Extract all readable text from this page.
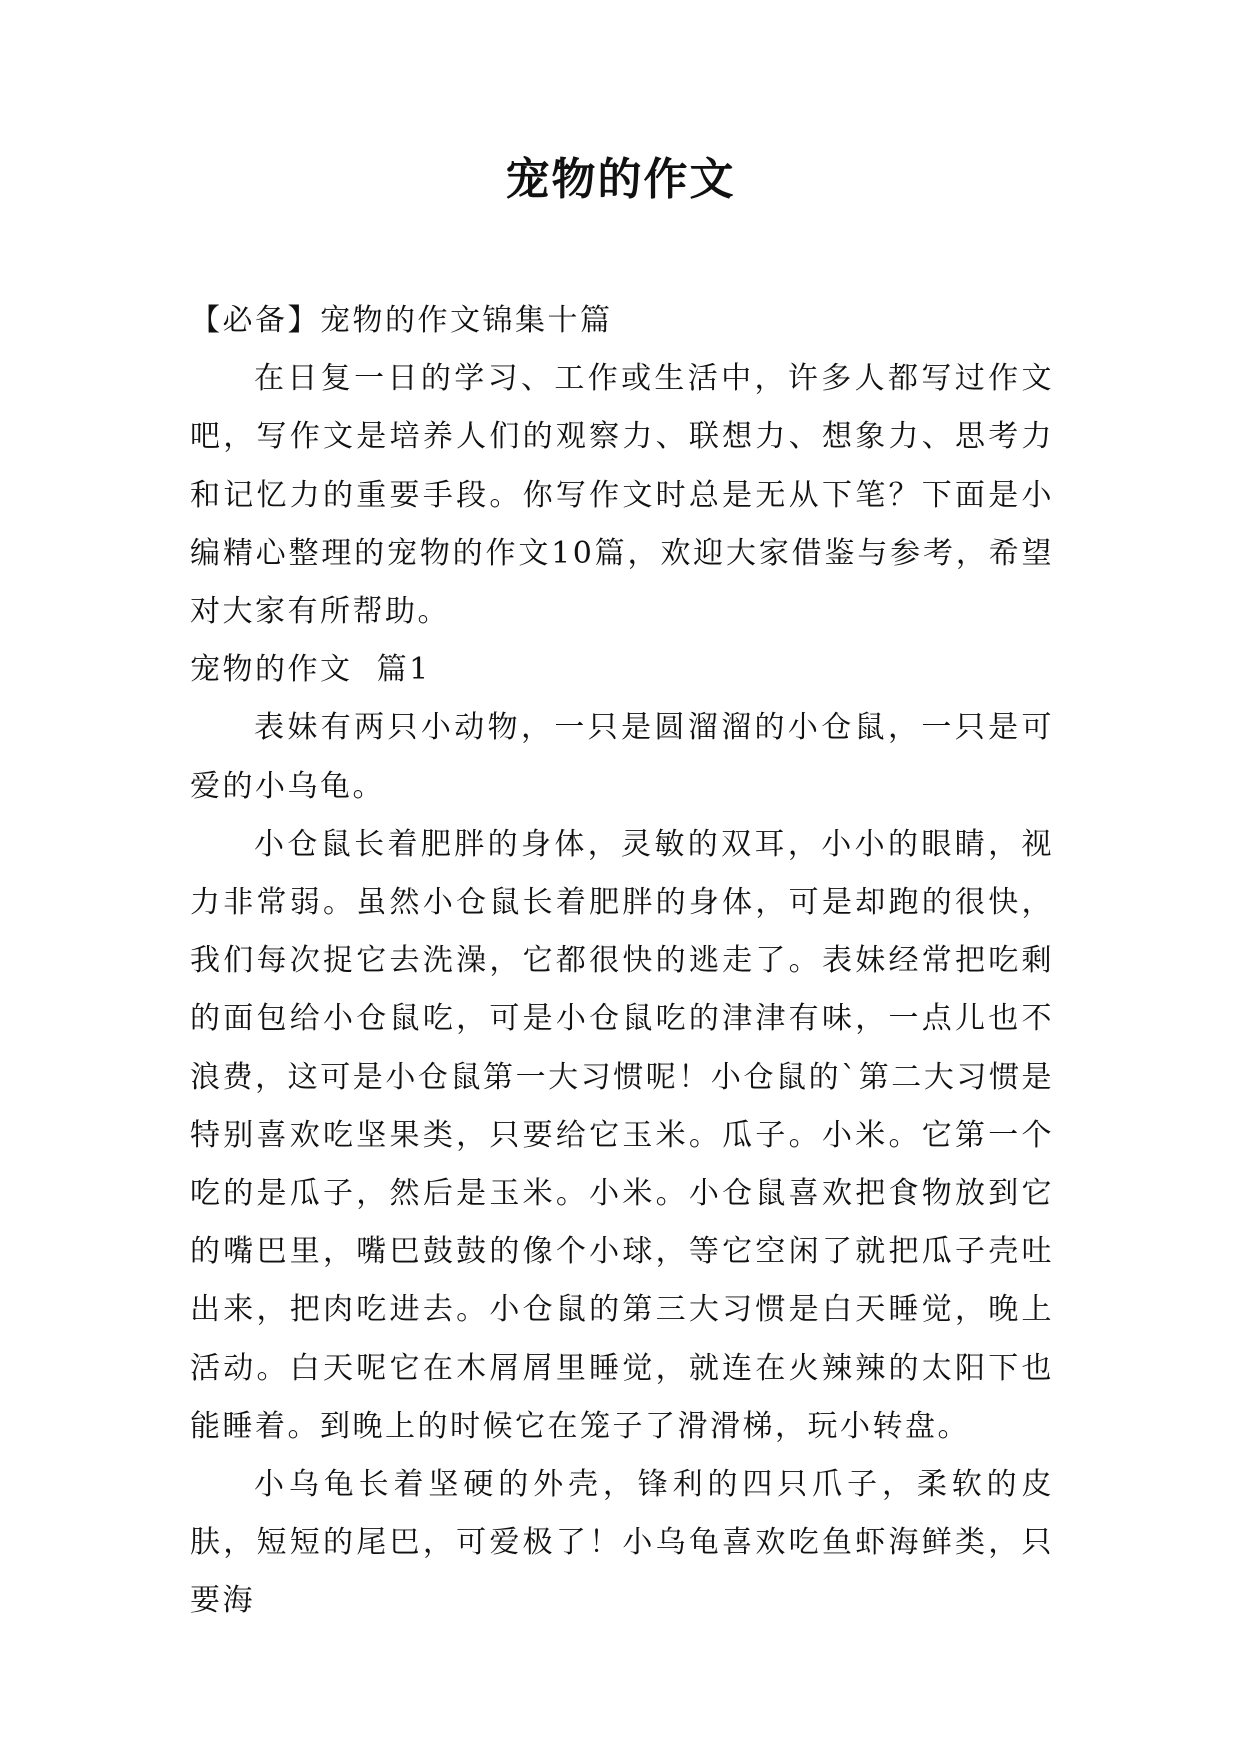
宠物的作文

【必备】宠物的作文锦集十篇

在日复一日的学习、工作或生活中，许多人都写过作文吧，写作文是培养人们的观察力、联想力、想象力、思考力和记忆力的重要手段。你写作文时总是无从下笔？下面是小编精心整理的宠物的作文10篇，欢迎大家借鉴与参考，希望对大家有所帮助。

宠物的作文  篇1

表妹有两只小动物，一只是圆溜溜的小仓鼠，一只是可爱的小乌龟。

小仓鼠长着肥胖的身体，灵敏的双耳，小小的眼睛，视力非常弱。虽然小仓鼠长着肥胖的身体，可是却跑的很快，我们每次捉它去洗澡，它都很快的逃走了。表妹经常把吃剩的面包给小仓鼠吃，可是小仓鼠吃的津津有味，一点儿也不浪费，这可是小仓鼠第一大习惯呢！小仓鼠的`第二大习惯是特别喜欢吃坚果类，只要给它玉米。瓜子。小米。它第一个吃的是瓜子，然后是玉米。小米。小仓鼠喜欢把食物放到它的嘴巴里，嘴巴鼓鼓的像个小球，等它空闲了就把瓜子壳吐出来，把肉吃进去。小仓鼠的第三大习惯是白天睡觉，晚上活动。白天呢它在木屑屑里睡觉，就连在火辣辣的太阳下也能睡着。到晚上的时候它在笼子了滑滑梯，玩小转盘。

小乌龟长着坚硬的外壳，锋利的四只爪子，柔软的皮肤，短短的尾巴，可爱极了！小乌龟喜欢吃鱼虾海鲜类，只要海
